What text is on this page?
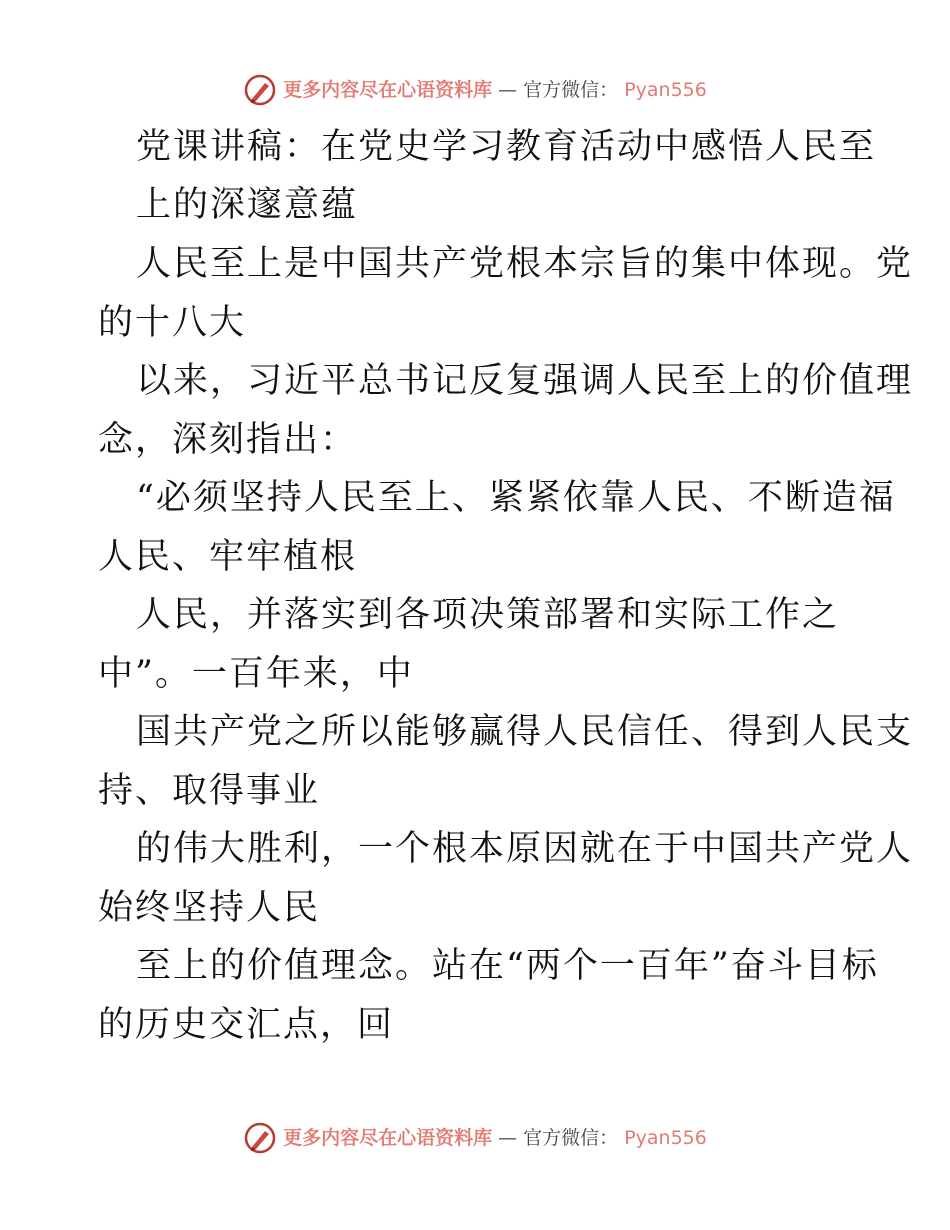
更多内容尽在心语资料库 — 官方微信： Pyan556
党课讲稿：在党史学习教育活动中感悟人民至
上的深邃意蕴
人民至上是中国共产党根本宗旨的集中体现。党
的十八大
以来，习近平总书记反复强调人民至上的价值理
念，深刻指出：
“必须坚持人民至上、紧紧依靠人民、不断造福
人民、牢牢植根
人民，并落实到各项决策部署和实际工作之
中”。一百年来，中
国共产党之所以能够赢得人民信任、得到人民支
持、取得事业
的伟大胜利，一个根本原因就在于中国共产党人
始终坚持人民
至上的价值理念。站在“两个一百年”奋斗目标
的历史交汇点，回
更多内容尽在心语资料库 — 官方微信： Pyan556
